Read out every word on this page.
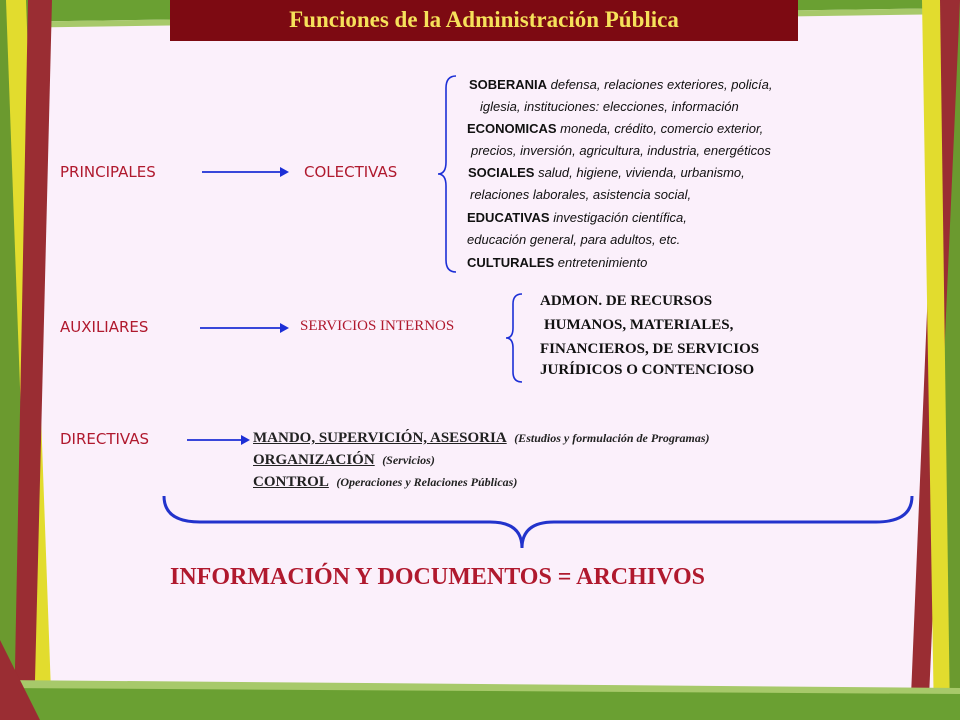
Funciones de la Administración Pública
PRINCIPALES	COLECTIVAS
SOBERANIA defensa, relaciones exteriores, policía,
iglesia, instituciones: elecciones, información
ECONOMICAS moneda, crédito, comercio exterior,
precios, inversión, agricultura, industria, energéticos
SOCIALES salud, higiene, vivienda, urbanismo,
relaciones laborales, asistencia social,
EDUCATIVAS investigación científica,
educación general, para adultos, etc.
CULTURALES entretenimiento
AUXILIARES	SERVICIOS INTERNOS
ADMON. DE RECURSOS
HUMANOS, MATERIALES,
FINANCIEROS, DE SERVICIOS
JURÍDICOS O CONTENCIOSO
DIRECTIVAS	MANDO, SUPERVICIÓN, ASESORIA (Estudios y formulación de Programas)
ORGANIZACIÓN (Servicios)
CONTROL (Operaciones y Relaciones Públicas)
INFORMACIÓN Y DOCUMENTOS = ARCHIVOS
